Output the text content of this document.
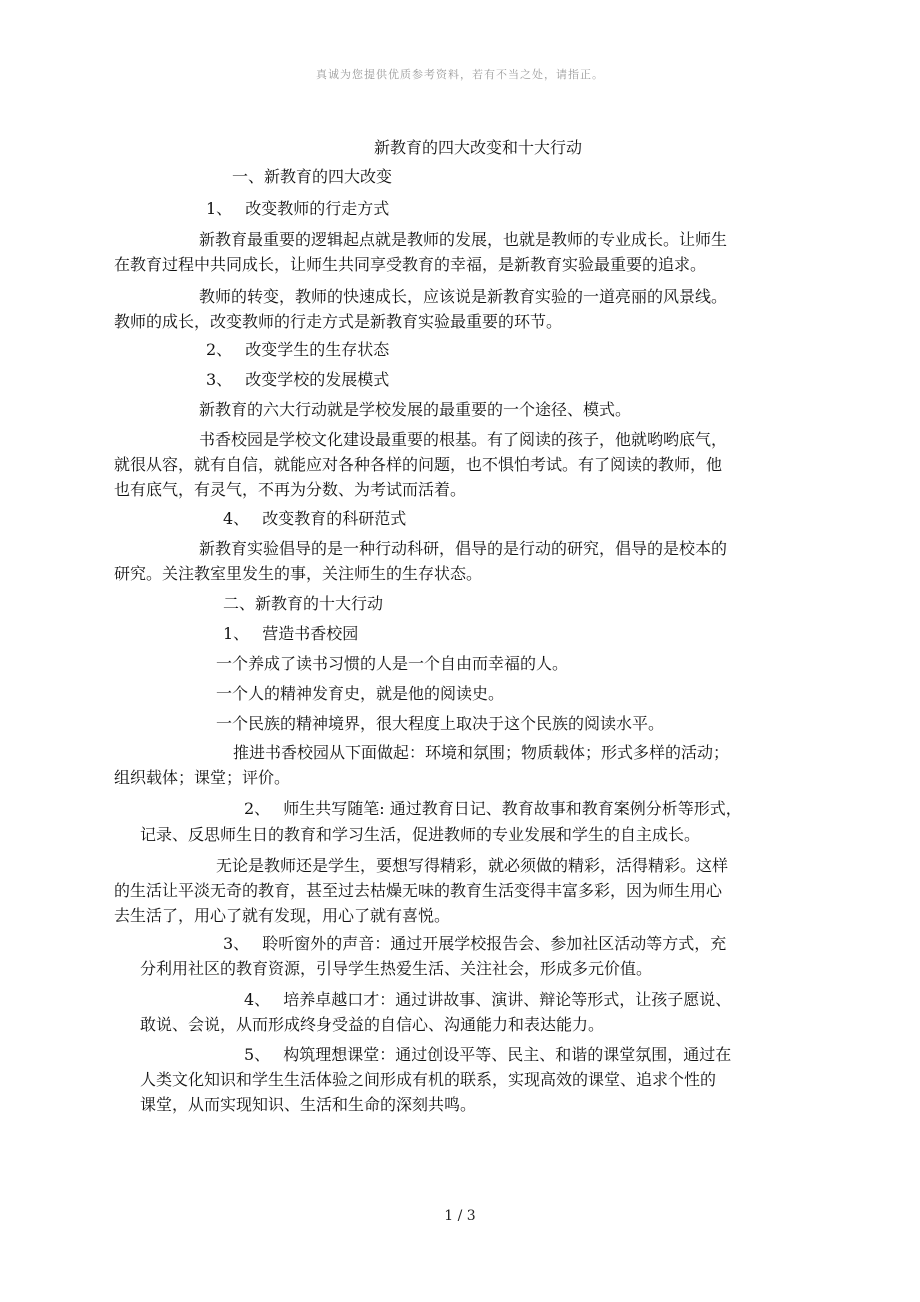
真诚为您提供优质参考资料，若有不当之处，请指正。
新教育的四大改变和十大行动
一、新教育的四大改变
1、　 改变教师的行走方式
新教育最重要的逻辑起点就是教师的发展，也就是教师的专业成长。让师生
在教育过程中共同成长，让师生共同享受教育的幸福，是新教育实验最重要的追求。
教师的转变，教师的快速成长，应该说是新教育实验的一道亮丽的风景线。
教师的成长，改变教师的行走方式是新教育实验最重要的环节。
2、　 改变学生的生存状态
3、　 改变学校的发展模式
新教育的六大行动就是学校发展的最重要的一个途径、模式。
书香校园是学校文化建设最重要的根基。有了阅读的孩子，他就哟哟底气，
就很从容，就有自信，就能应对各种各样的问题，也不惧怕考试。有了阅读的教师，他
也有底气，有灵气，不再为分数、为考试而活着。
4、　 改变教育的科研范式
新教育实验倡导的是一种行动科研，倡导的是行动的研究，倡导的是校本的
研究。关注教室里发生的事，关注师生的生存状态。
二、新教育的十大行动
1、　 营造书香校园
一个养成了读书习惯的人是一个自由而幸福的人。
一个人的精神发育史，就是他的阅读史。
一个民族的精神境界，很大程度上取决于这个民族的阅读水平。
推进书香校园从下面做起：环境和氛围；物质载体；形式多样的活动；
组织载体；课堂；评价。
2、　 师生共写随笔: 通过教育日记、教育故事和教育案例分析等形式，
记录、反思师生日的教育和学习生活，促进教师的专业发展和学生的自主成长。
无论是教师还是学生，要想写得精彩，就必须做的精彩，活得精彩。这样
的生活让平淡无奇的教育，甚至过去枯燥无味的教育生活变得丰富多彩，因为师生用心
去生活了，用心了就有发现，用心了就有喜悦。
3、　 聆听窗外的声音：通过开展学校报告会、参加社区活动等方式，充
分利用社区的教育资源，引导学生热爱生活、关注社会，形成多元价值。
4、　 培养卓越口才：通过讲故事、演讲、辩论等形式，让孩子愿说、
敢说、会说，从而形成终身受益的自信心、沟通能力和表达能力。
5、　 构筑理想课堂：通过创设平等、民主、和谐的课堂氛围，通过在
人类文化知识和学生生活体验之间形成有机的联系，实现高效的课堂、追求个性的
课堂，从而实现知识、生活和生命的深刻共鸣。
1 / 3
